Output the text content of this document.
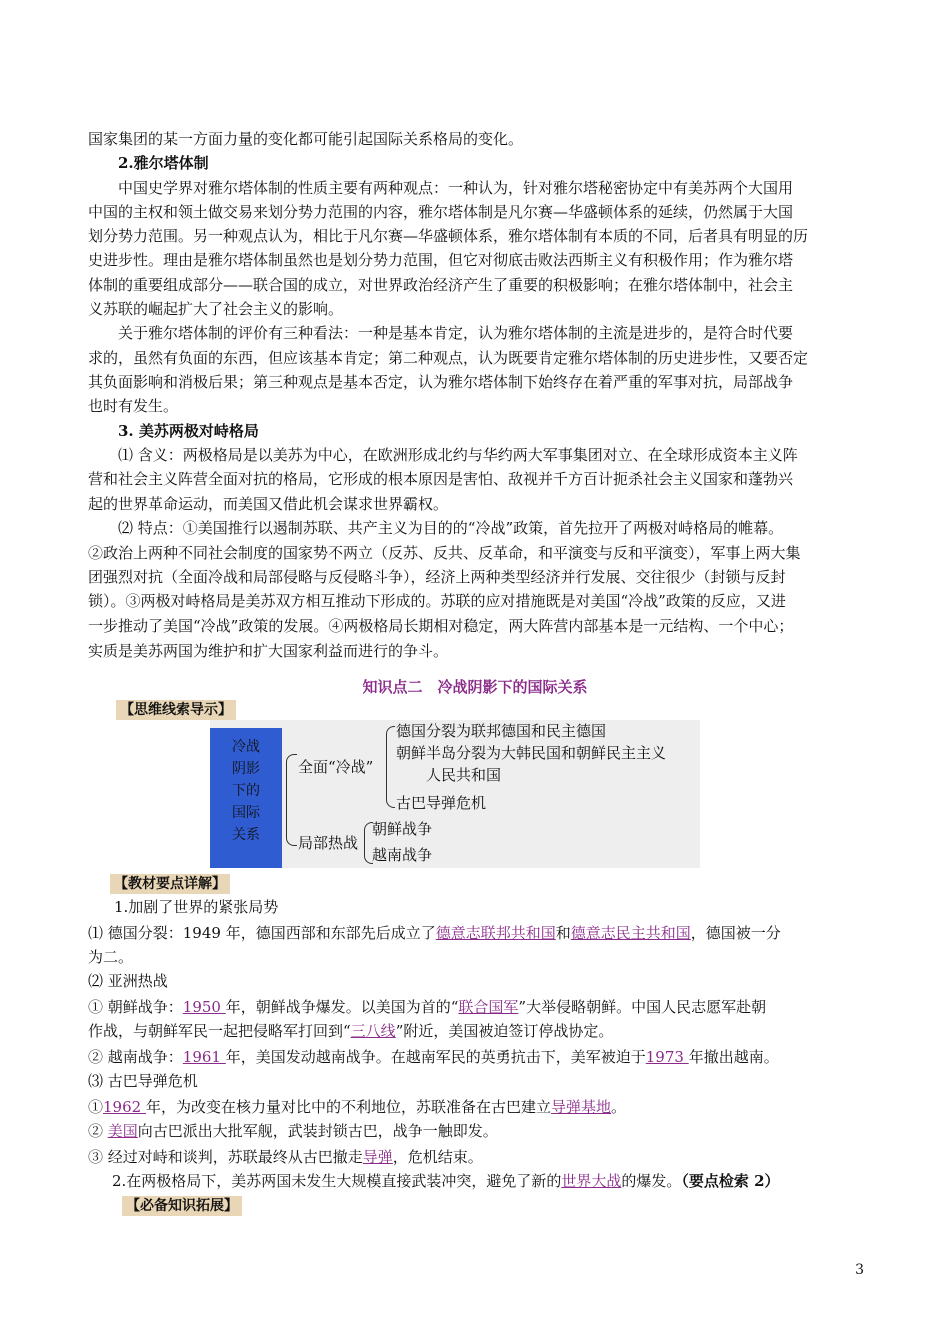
国家集团的某一方面力量的变化都可能引起国际关系格局的变化。
2.雅尔塔体制
中国史学界对雅尔塔体制的性质主要有两种观点：一种认为，针对雅尔塔秘密协定中有美苏两个大国用
中国的主权和领土做交易来划分势力范围的内容，雅尔塔体制是凡尔赛—华盛顿体系的延续，仍然属于大国
划分势力范围。另一种观点认为，相比于凡尔赛—华盛顿体系，雅尔塔体制有本质的不同，后者具有明显的历
史进步性。理由是雅尔塔体制虽然也是划分势力范围，但它对彻底击败法西斯主义有积极作用；作为雅尔塔
体制的重要组成部分——联合国的成立，对世界政治经济产生了重要的积极影响；在雅尔塔体制中，社会主
义苏联的崛起扩大了社会主义的影响。
关于雅尔塔体制的评价有三种看法：一种是基本肯定，认为雅尔塔体制的主流是进步的，是符合时代要
求的，虽然有负面的东西，但应该基本肯定；第二种观点，认为既要肯定雅尔塔体制的历史进步性，又要否定
其负面影响和消极后果；第三种观点是基本否定，认为雅尔塔体制下始终存在着严重的军事对抗，局部战争
也时有发生。
3. 美苏两极对峙格局
⑴ 含义：两极格局是以美苏为中心，在欧洲形成北约与华约两大军事集团对立、在全球形成资本主义阵
营和社会主义阵营全面对抗的格局，它形成的根本原因是害怕、敌视并千方百计扼杀社会主义国家和蓬勃兴
起的世界革命运动，而美国又借此机会谋求世界霸权。
⑵ 特点：①美国推行以遏制苏联、共产主义为目的的“冷战”政策，首先拉开了两极对峙格局的帷幕。
②政治上两种不同社会制度的国家势不两立（反苏、反共、反革命，和平演变与反和平演变），军事上两大集
团强烈对抗（全面冷战和局部侵略与反侵略斗争），经济上两种类型经济并行发展、交往很少（封锁与反封
锁）。③两极对峙格局是美苏双方相互推动下形成的。苏联的应对措施既是对美国“冷战”政策的反应，又进
一步推动了美国“冷战”政策的发展。④两极格局长期相对稳定，两大阵营内部基本是一元结构、一个中心；
实质是美苏两国为维护和扩大国家利益而进行的争斗。
知识点二　冷战阴影下的国际关系
【思维线索导示】
冷战
阴影
下的
国际
关系
全面“冷战”
德国分裂为联邦德国和民主德国
朝鲜半岛分裂为大韩民国和朝鲜民主主义
人民共和国
古巴导弹危机
局部热战
朝鲜战争
越南战争
【教材要点详解】
1.加剧了世界的紧张局势
⑴ 德国分裂：1949 年，德国西部和东部先后成立了德意志联邦共和国和德意志民主共和国，德国被一分
为二。
⑵ 亚洲热战
① 朝鲜战争：1950 年，朝鲜战争爆发。以美国为首的“联合国军”大举侵略朝鲜。中国人民志愿军赴朝
作战，与朝鲜军民一起把侵略军打回到“三八线”附近，美国被迫签订停战协定。
② 越南战争：1961 年，美国发动越南战争。在越南军民的英勇抗击下，美军被迫于1973 年撤出越南。
⑶ 古巴导弹危机
①1962 年，为改变在核力量对比中的不利地位，苏联准备在古巴建立导弹基地。
② 美国向古巴派出大批军舰，武装封锁古巴，战争一触即发。
③ 经过对峙和谈判，苏联最终从古巴撤走导弹，危机结束。
2.在两极格局下，美苏两国未发生大规模直接武装冲突，避免了新的世界大战的爆发。（要点检索 2）
【必备知识拓展】
3
